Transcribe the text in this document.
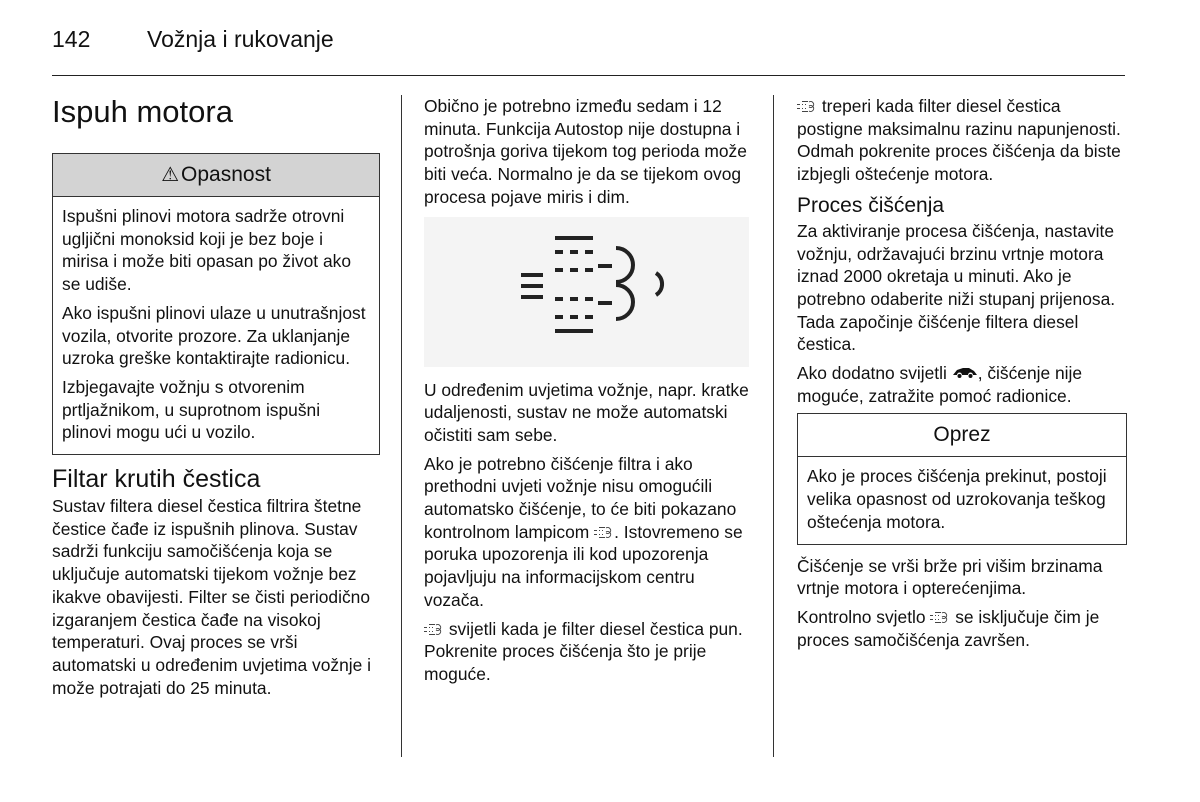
142 Vožnja i rukovanje
Ispuh motora
⚠Opasnost

Ispušni plinovi motora sadrže otrovni ugljični monoksid koji je bez boje i mirisa i može biti opasan po život ako se udiše.

Ako ispušni plinovi ulaze u unutrašnjost vozila, otvorite prozore. Za uklanjanje uzroka greške kontaktirajte radionicu.

Izbjegavajte vožnju s otvorenim prtljažnikom, u suprotnom ispušni plinovi mogu ući u vozilo.

Filtar krutih čestica

Sustav filtera diesel čestica filtrira štetne čestice čađe iz ispušnih plinova. Sustav sadrži funkciju samočišćenja koja se uključuje automatski tijekom vožnje bez ikakve obavijesti. Filter se čisti periodično izgaranjem čestica čađe na visokoj temperaturi. Ovaj proces se vrši automatski u određenim uvjetima vožnje i može potrajati do 25 minuta.

Obično je potrebno između sedam i 12 minuta. Funkcija Autostop nije dostupna i potrošnja goriva tijekom tog perioda može biti veća. Normalno je da se tijekom ovog procesa pojave miris i dim.

U određenim uvjetima vožnje, napr. kratke udaljenosti, sustav ne može automatski očistiti sam sebe.

Ako je potrebno čišćenje filtra i ako prethodni uvjeti vožnje nisu omogućili automatsko čišćenje, to će biti pokazano kontrolnom lampicom . Istovremeno se poruka upozorenja ili kod upozorenja pojavljuju na informacijskom centru vozača.

svijetli kada je filter diesel čestica pun. Pokrenite proces čišćenja što je prije moguće.

treperi kada filter diesel čestica postigne maksimalnu razinu napunjenosti. Odmah pokrenite proces čišćenja da biste izbjegli oštećenje motora.

Proces čišćenja

Za aktiviranje procesa čišćenja, nastavite vožnju, održavajući brzinu vrtnje motora iznad 2000 okretaja u minuti. Ako je potrebno odaberite niži stupanj prijenosa. Tada započinje čišćenje filtera diesel čestica.

Ako dodatno svijetli , čišćenje nije moguće, zatražite pomoć radionice.

Oprez

Ako je proces čišćenja prekinut, postoji velika opasnost od uzrokovanja teškog oštećenja motora.

Čišćenje se vrši brže pri višim brzinama vrtnje motora i opterećenjima.

Kontrolno svjetlo  se isključuje čim je proces samočišćenja završen.
